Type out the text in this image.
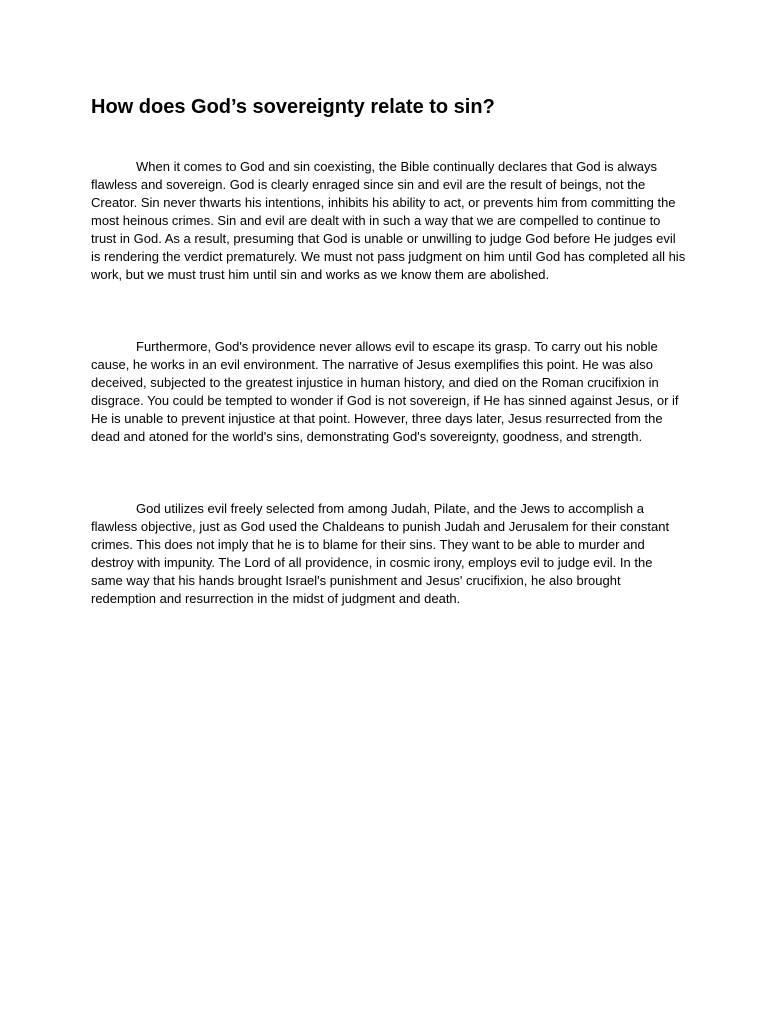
How does God’s sovereignty relate to sin?

When it comes to God and sin coexisting, the Bible continually declares that God is always flawless and sovereign. God is clearly enraged since sin and evil are the result of beings, not the Creator. Sin never thwarts his intentions, inhibits his ability to act, or prevents him from committing the most heinous crimes. Sin and evil are dealt with in such a way that we are compelled to continue to trust in God. As a result, presuming that God is unable or unwilling to judge God before He judges evil is rendering the verdict prematurely. We must not pass judgment on him until God has completed all his work, but we must trust him until sin and works as we know them are abolished.

Furthermore, God's providence never allows evil to escape its grasp. To carry out his noble cause, he works in an evil environment. The narrative of Jesus exemplifies this point. He was also deceived, subjected to the greatest injustice in human history, and died on the Roman crucifixion in disgrace. You could be tempted to wonder if God is not sovereign, if He has sinned against Jesus, or if He is unable to prevent injustice at that point. However, three days later, Jesus resurrected from the dead and atoned for the world's sins, demonstrating God's sovereignty, goodness, and strength.

God utilizes evil freely selected from among Judah, Pilate, and the Jews to accomplish a flawless objective, just as God used the Chaldeans to punish Judah and Jerusalem for their constant crimes. This does not imply that he is to blame for their sins. They want to be able to murder and destroy with impunity. The Lord of all providence, in cosmic irony, employs evil to judge evil. In the same way that his hands brought Israel's punishment and Jesus' crucifixion, he also brought redemption and resurrection in the midst of judgment and death.
